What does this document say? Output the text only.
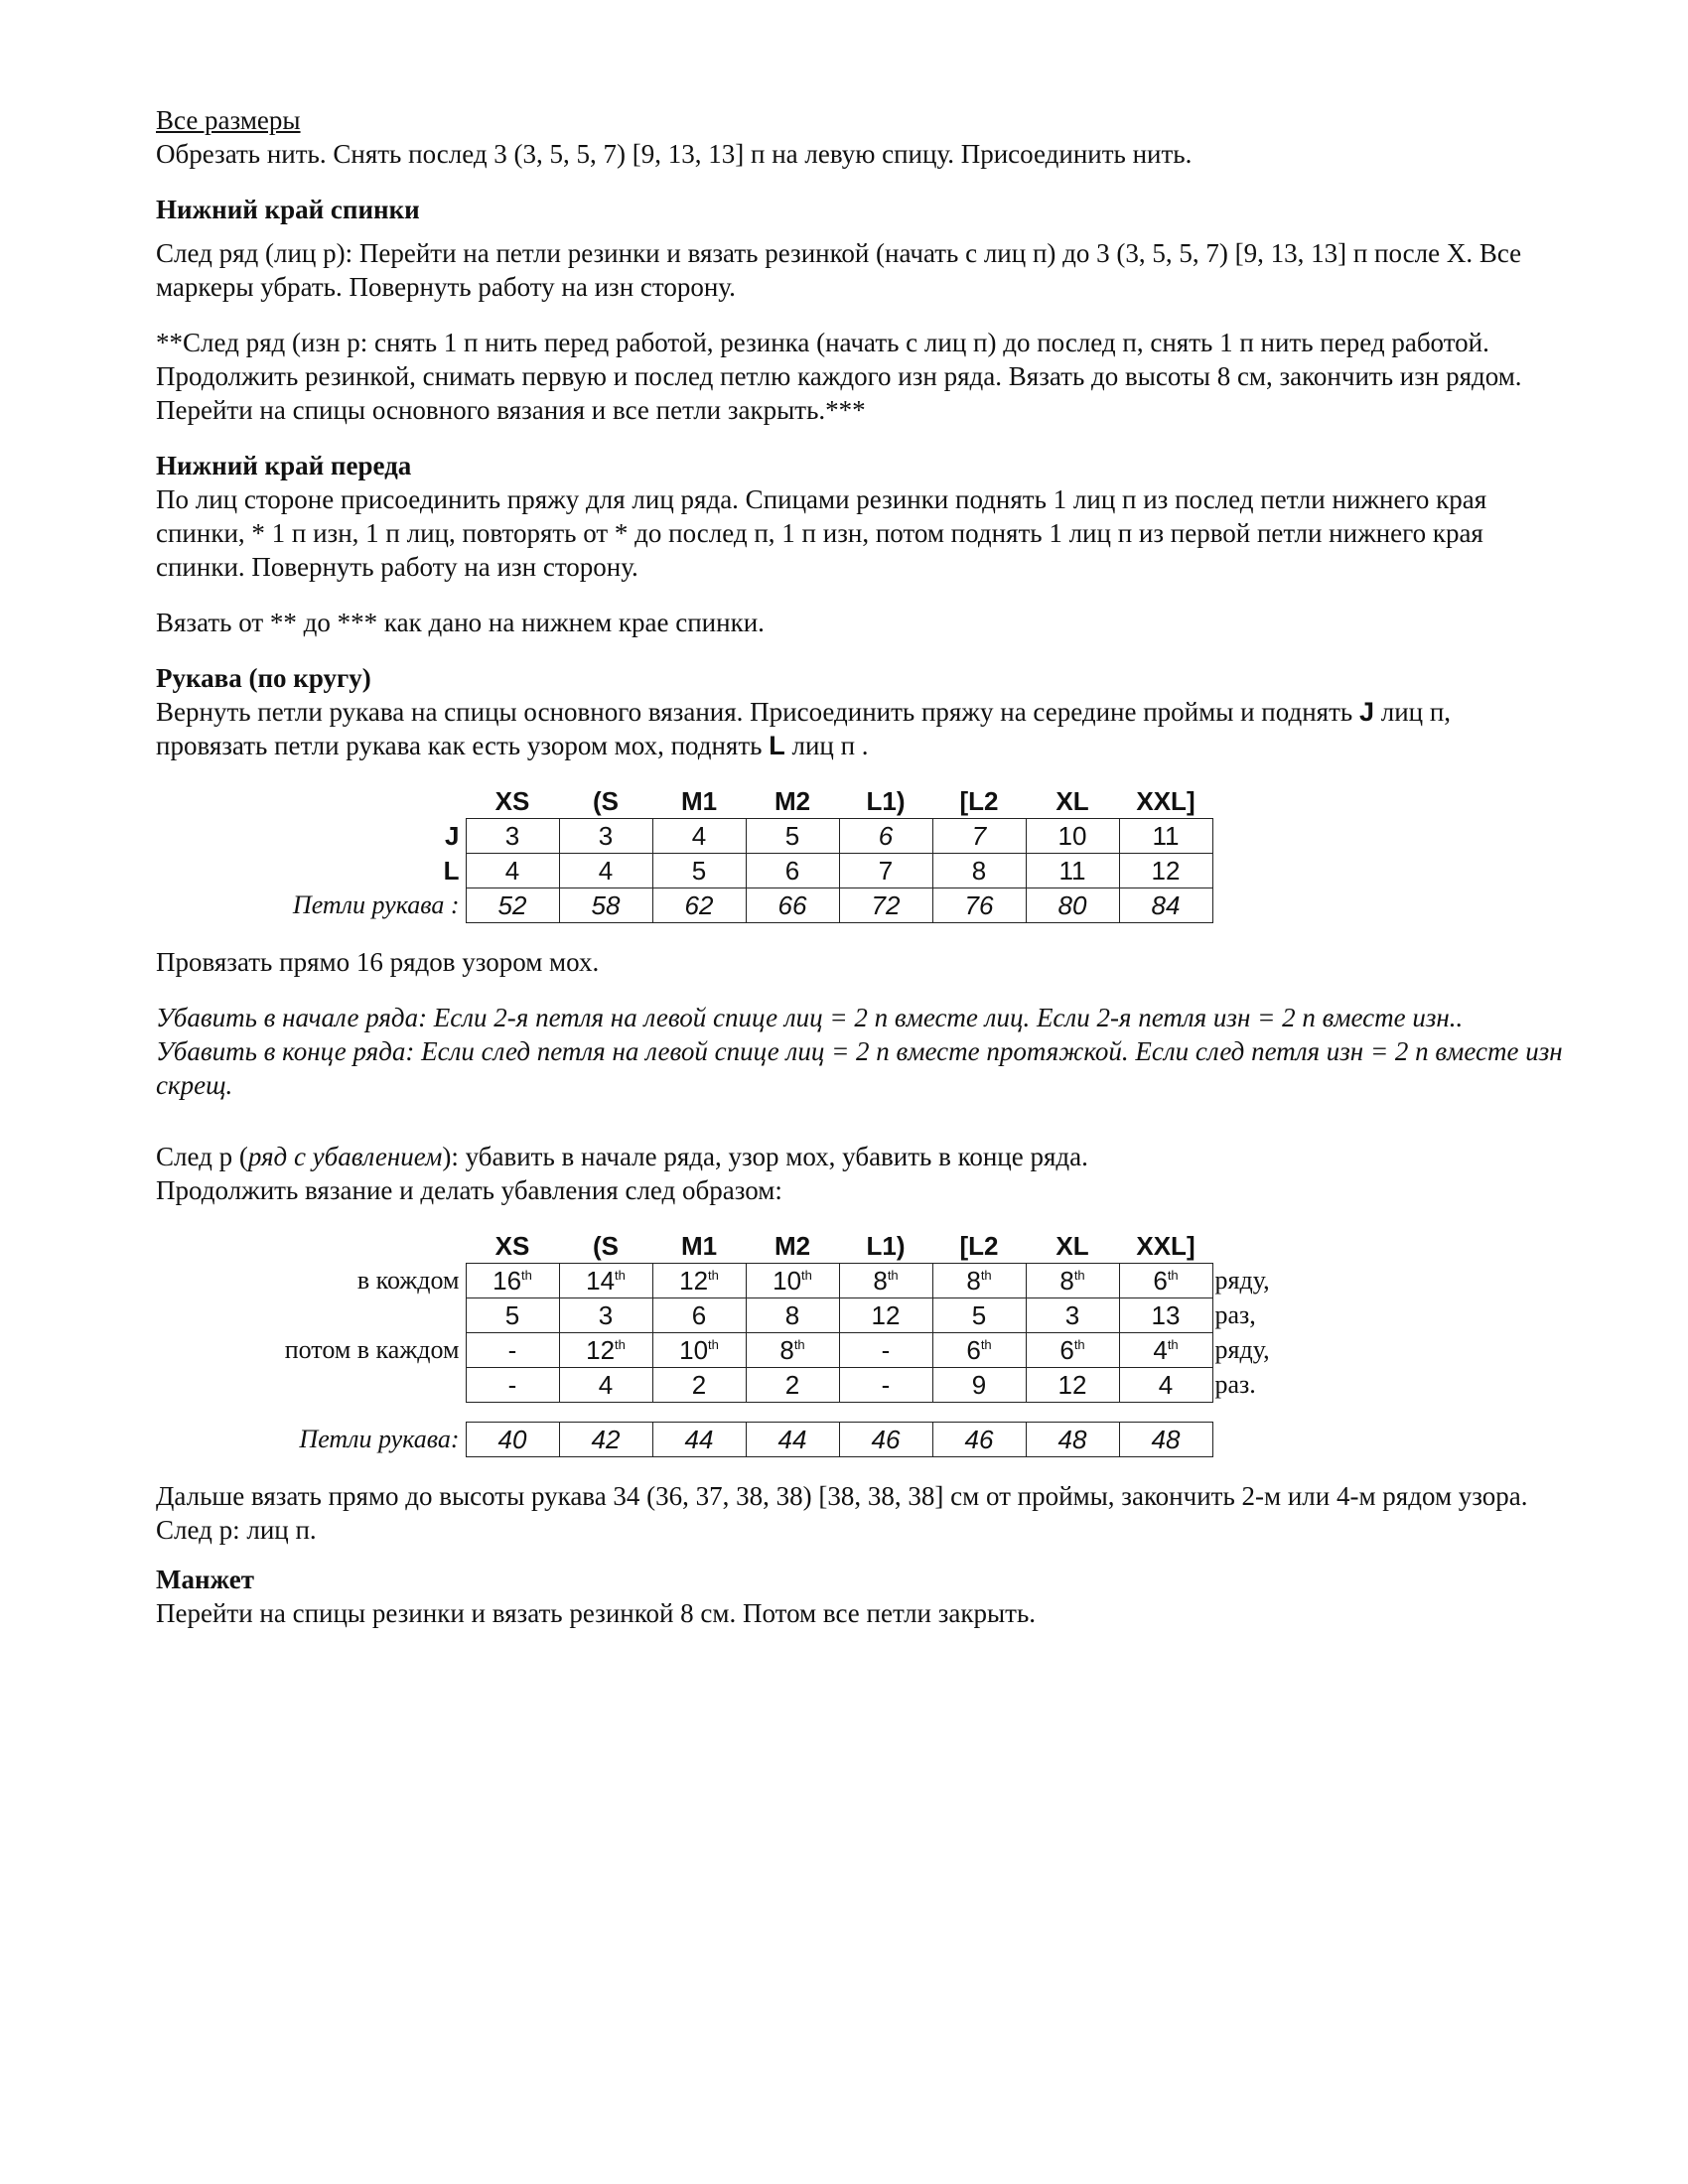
Все размеры

Обрезать нить. Снять послед 3 (3, 5, 5, 7) [9, 13, 13] п на левую спицу. Присоединить нить.

Нижний край спинки

След ряд (лиц р): Перейти на петли резинки и вязать резинкой (начать с лиц п) до 3 (3, 5, 5, 7) [9, 13, 13] п после X. Все маркеры убрать. Повернуть работу на изн сторону.

**След ряд (изн р: снять 1 п нить перед работой, резинка (начать с лиц п) до послед п, снять 1 п нить перед работой.

Продолжить резинкой, снимать первую и послед петлю каждого изн ряда. Вязать до высоты 8 см, закончить изн рядом. Перейти на спицы основного вязания и все петли закрыть.***

Нижний край переда

По лиц стороне присоединить пряжу для лиц ряда. Спицами резинки поднять 1 лиц п из послед петли нижнего края спинки, * 1 п изн, 1 п лиц, повторять от * до послед п, 1 п изн, потом поднять 1 лиц п из первой петли нижнего края спинки. Повернуть работу на изн сторону.

Вязать от ** до *** как дано на нижнем крае спинки.

Рукава (по кругу)

Вернуть петли рукава на спицы основного вязания. Присоединить пряжу на середине проймы и поднять J лиц п, провязать петли рукава как есть узором мох, поднять L лиц п .

	XS	(S	M1	M2	L1)	[L2	XL	XXL]
J	3	3	4	5	6	7	10	11
L	4	4	5	6	7	8	11	12
Петли рукава :	52	58	62	66	72	76	80	84

Провязать прямо 16 рядов узором мох.

Убавить в начале ряда: Если 2-я петля на левой спице лиц = 2 п вместе лиц. Если 2-я петля изн = 2 п вместе изн..

Убавить в конце ряда: Если след петля на левой спице лиц = 2 п вместе протяжкой. Если след петля изн = 2 п вместе изн скрещ.

След р (ряд с убавлением): убавить в начале ряда, узор мох, убавить в конце ряда.

Продолжить вязание и делать убавления след образом:

	XS	(S	M1	M2	L1)	[L2	XL	XXL]	
в кождом	16th	14th	12th	10th	8th	8th	8th	6th	ряду,
	5	3	6	8	12	5	3	13	раз,
потом в каждом	-	12th	10th	8th	-	6th	6th	4th	ряду,
	-	4	2	2	-	9	12	4	раз.

Петли рукава:	40	42	44	44	46	46	48	48	

Дальше вязать прямо до высоты рукава 34 (36, 37, 38, 38) [38, 38, 38] см от проймы, закончить 2-м или 4-м рядом узора.

След р: лиц п.

Манжет

Перейти на спицы резинки и вязать резинкой 8 см. Потом все петли закрыть.
